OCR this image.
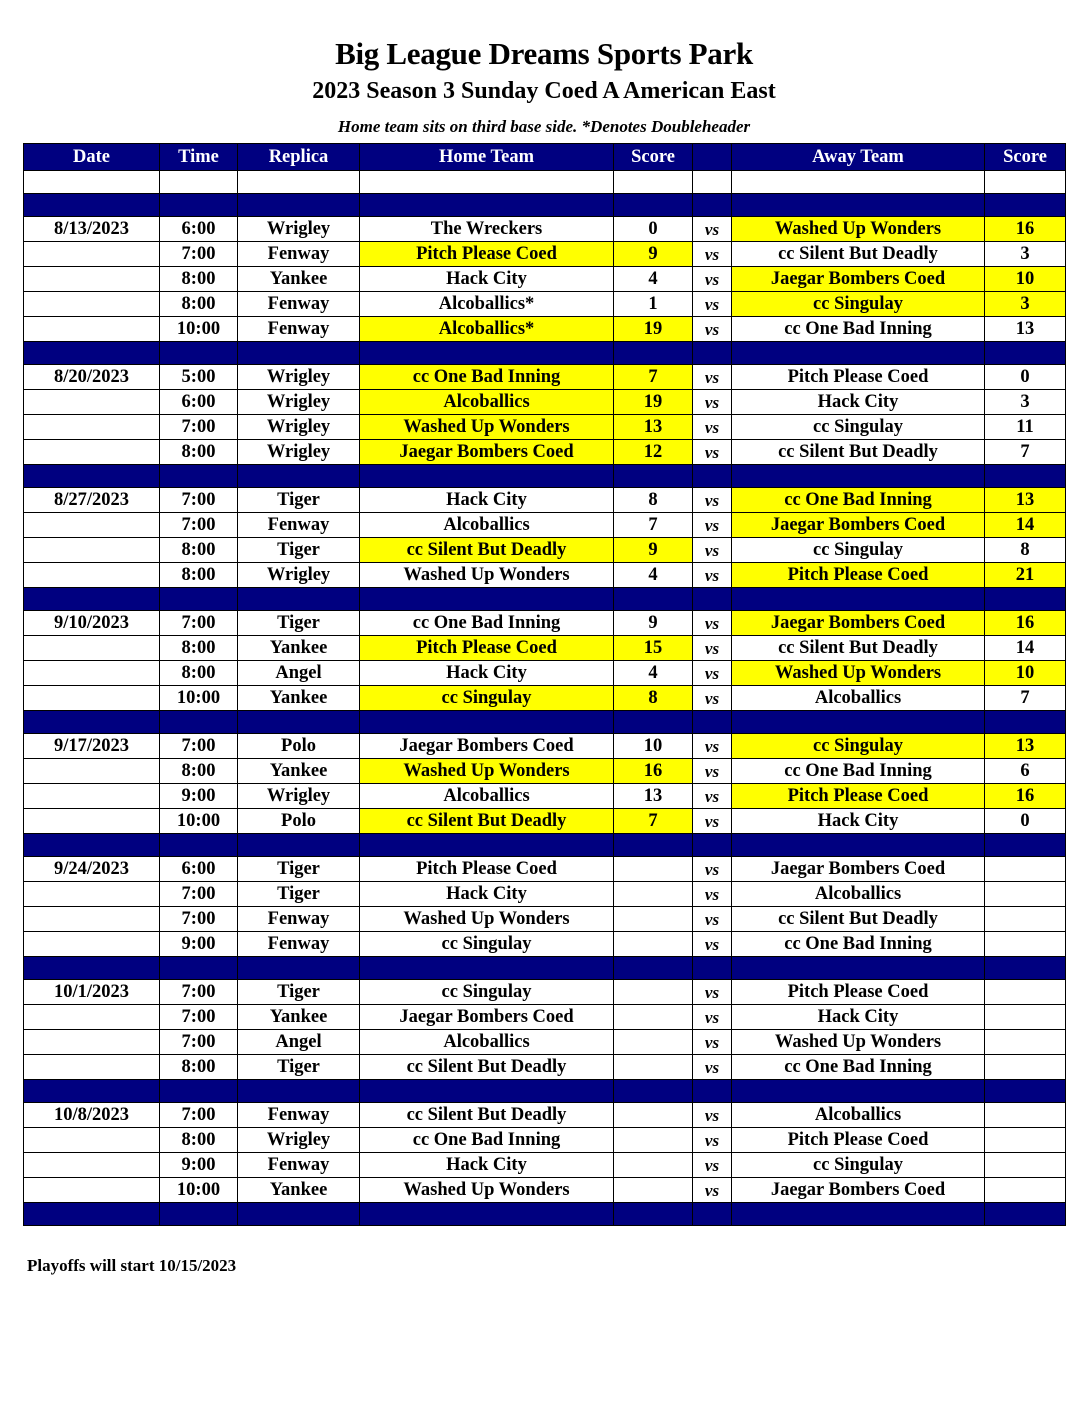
Big League Dreams Sports Park
2023 Season 3 Sunday Coed A American East
Home team sits on third base side. *Denotes Doubleheader
Date	Time	Replica	Home Team	Score		Away Team	Score

8/13/2023	6:00	Wrigley	The Wreckers	0	vs	Washed Up Wonders	16
	7:00	Fenway	Pitch Please Coed	9	vs	cc Silent But Deadly	3
	8:00	Yankee	Hack City	4	vs	Jaegar Bombers Coed	10
	8:00	Fenway	Alcoballics*	1	vs	cc Singulay	3
	10:00	Fenway	Alcoballics*	19	vs	cc One Bad Inning	13

8/20/2023	5:00	Wrigley	cc One Bad Inning	7	vs	Pitch Please Coed	0
	6:00	Wrigley	Alcoballics	19	vs	Hack City	3
	7:00	Wrigley	Washed Up Wonders	13	vs	cc Singulay	11
	8:00	Wrigley	Jaegar Bombers Coed	12	vs	cc Silent But Deadly	7

8/27/2023	7:00	Tiger	Hack City	8	vs	cc One Bad Inning	13
	7:00	Fenway	Alcoballics	7	vs	Jaegar Bombers Coed	14
	8:00	Tiger	cc Silent But Deadly	9	vs	cc Singulay	8
	8:00	Wrigley	Washed Up Wonders	4	vs	Pitch Please Coed	21

9/10/2023	7:00	Tiger	cc One Bad Inning	9	vs	Jaegar Bombers Coed	16
	8:00	Yankee	Pitch Please Coed	15	vs	cc Silent But Deadly	14
	8:00	Angel	Hack City	4	vs	Washed Up Wonders	10
	10:00	Yankee	cc Singulay	8	vs	Alcoballics	7

9/17/2023	7:00	Polo	Jaegar Bombers Coed	10	vs	cc Singulay	13
	8:00	Yankee	Washed Up Wonders	16	vs	cc One Bad Inning	6
	9:00	Wrigley	Alcoballics	13	vs	Pitch Please Coed	16
	10:00	Polo	cc Silent But Deadly	7	vs	Hack City	0

9/24/2023	6:00	Tiger	Pitch Please Coed		vs	Jaegar Bombers Coed	
	7:00	Tiger	Hack City		vs	Alcoballics	
	7:00	Fenway	Washed Up Wonders		vs	cc Silent But Deadly	
	9:00	Fenway	cc Singulay		vs	cc One Bad Inning	

10/1/2023	7:00	Tiger	cc Singulay		vs	Pitch Please Coed	
	7:00	Yankee	Jaegar Bombers Coed		vs	Hack City	
	7:00	Angel	Alcoballics		vs	Washed Up Wonders	
	8:00	Tiger	cc Silent But Deadly		vs	cc One Bad Inning	

10/8/2023	7:00	Fenway	cc Silent But Deadly		vs	Alcoballics	
	8:00	Wrigley	cc One Bad Inning		vs	Pitch Please Coed	
	9:00	Fenway	Hack City		vs	cc Singulay	
	10:00	Yankee	Washed Up Wonders		vs	Jaegar Bombers Coed	

Playoffs will start 10/15/2023
